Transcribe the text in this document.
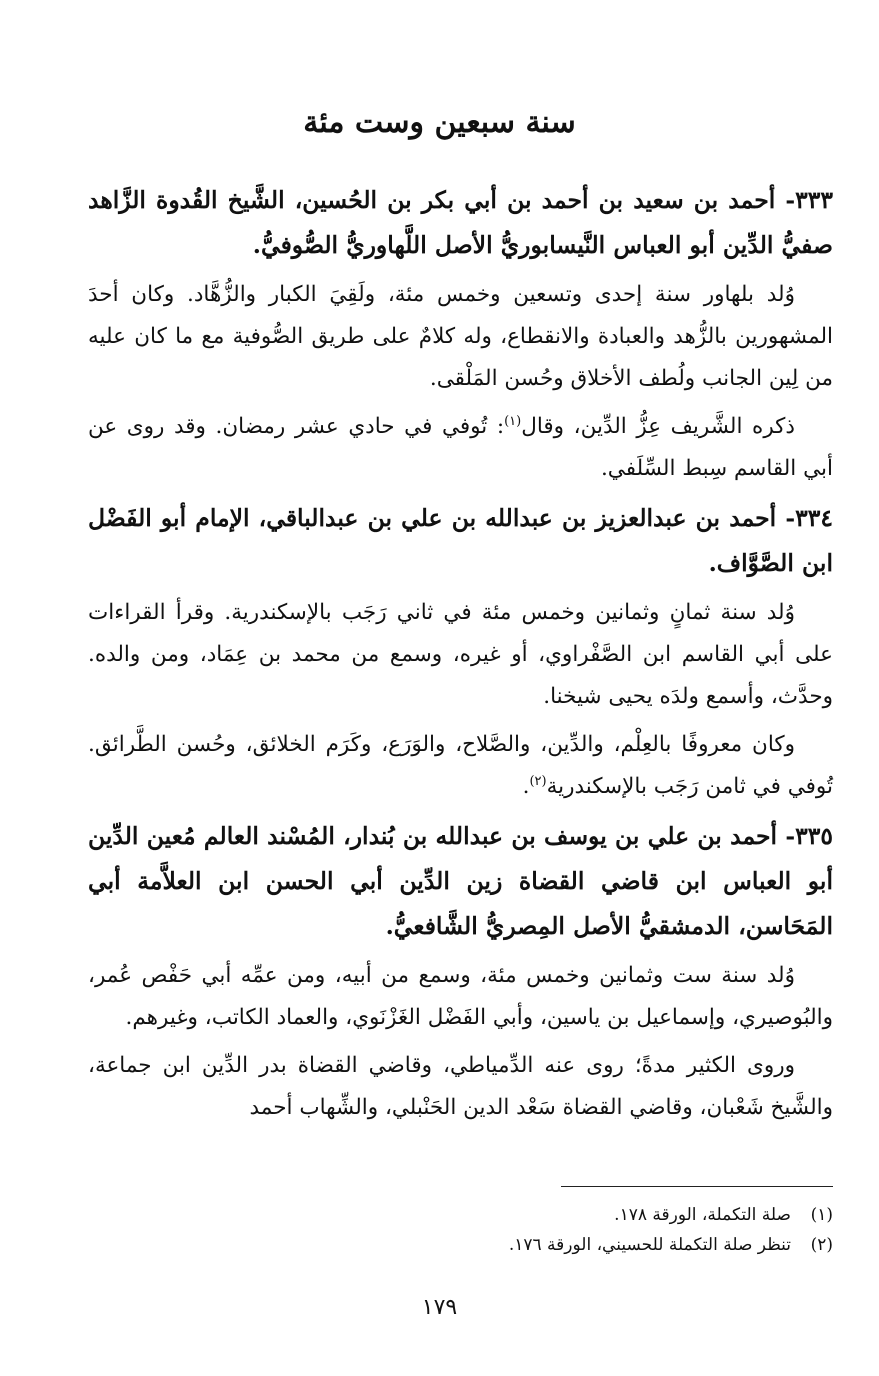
سنة سبعين وست مئة
٣٣٣- أحمد بن سعيد بن أحمد بن أبي بكر بن الحُسين، الشَّيخ القُدوة الزَّاهد صفيُّ الدِّين أبو العباس النَّيسابوريُّ الأصل اللَّهاوريُّ الصُّوفيُّ.

وُلد بلهاور سنة إحدى وتسعين وخمس مئة، ولَقِيَ الكبار والزُّهَّاد. وكان أحدَ المشهورين بالزُّهد والعبادة والانقطاع، وله كلامٌ على طريق الصُّوفية مع ما كان عليه من لِين الجانب ولُطف الأخلاق وحُسن المَلْقى.

ذكره الشَّريف عِزُّ الدِّين، وقال$^{(١)}$: تُوفي في حادي عشر رمضان. وقد روى عن أبي القاسم سِبط السِّلَفي.

٣٣٤- أحمد بن عبدالعزيز بن عبدالله بن علي بن عبدالباقي، الإمام أبو الفَضْل ابن الصَّوَّاف.

وُلد سنة ثمانٍ وثمانين وخمس مئة في ثاني رَجَب بالإسكندرية. وقرأ القراءات على أبي القاسم ابن الصَّفْراوي، أو غيره، وسمع من محمد بن عِمَاد، ومن والده. وحدَّث، وأسمع ولدَه يحيى شيخنا.

وكان معروفًا بالعِلْم، والدِّين، والصَّلاح، والوَرَع، وكَرَم الخلائق، وحُسن الطَّرائق. تُوفي في ثامن رَجَب بالإسكندرية$^{(٢)}$.

٣٣٥- أحمد بن علي بن يوسف بن عبدالله بن بُندار، المُسْند العالم مُعين الدِّين أبو العباس ابن قاضي القضاة زين الدِّين أبي الحسن ابن العلاَّمة أبي المَحَاسن، الدمشقيُّ الأصل المِصريُّ الشَّافعيُّ.

وُلد سنة ست وثمانين وخمس مئة، وسمع من أبيه، ومن عمِّه أبي حَفْص عُمر، والبُوصيري، وإسماعيل بن ياسين، وأبي الفَضْل الغَزْنَوي، والعماد الكاتب، وغيرهم.

وروى الكثير مدةً؛ روى عنه الدِّمياطي، وقاضي القضاة بدر الدِّين ابن جماعة، والشَّيخ شَعْبان، وقاضي القضاة سَعْد الدين الحَنْبلي، والشِّهاب أحمد

(١)صلة التكملة، الورقة ١٧٨.

(٢)تنظر صلة التكملة للحسيني، الورقة ١٧٦.

١٧٩
